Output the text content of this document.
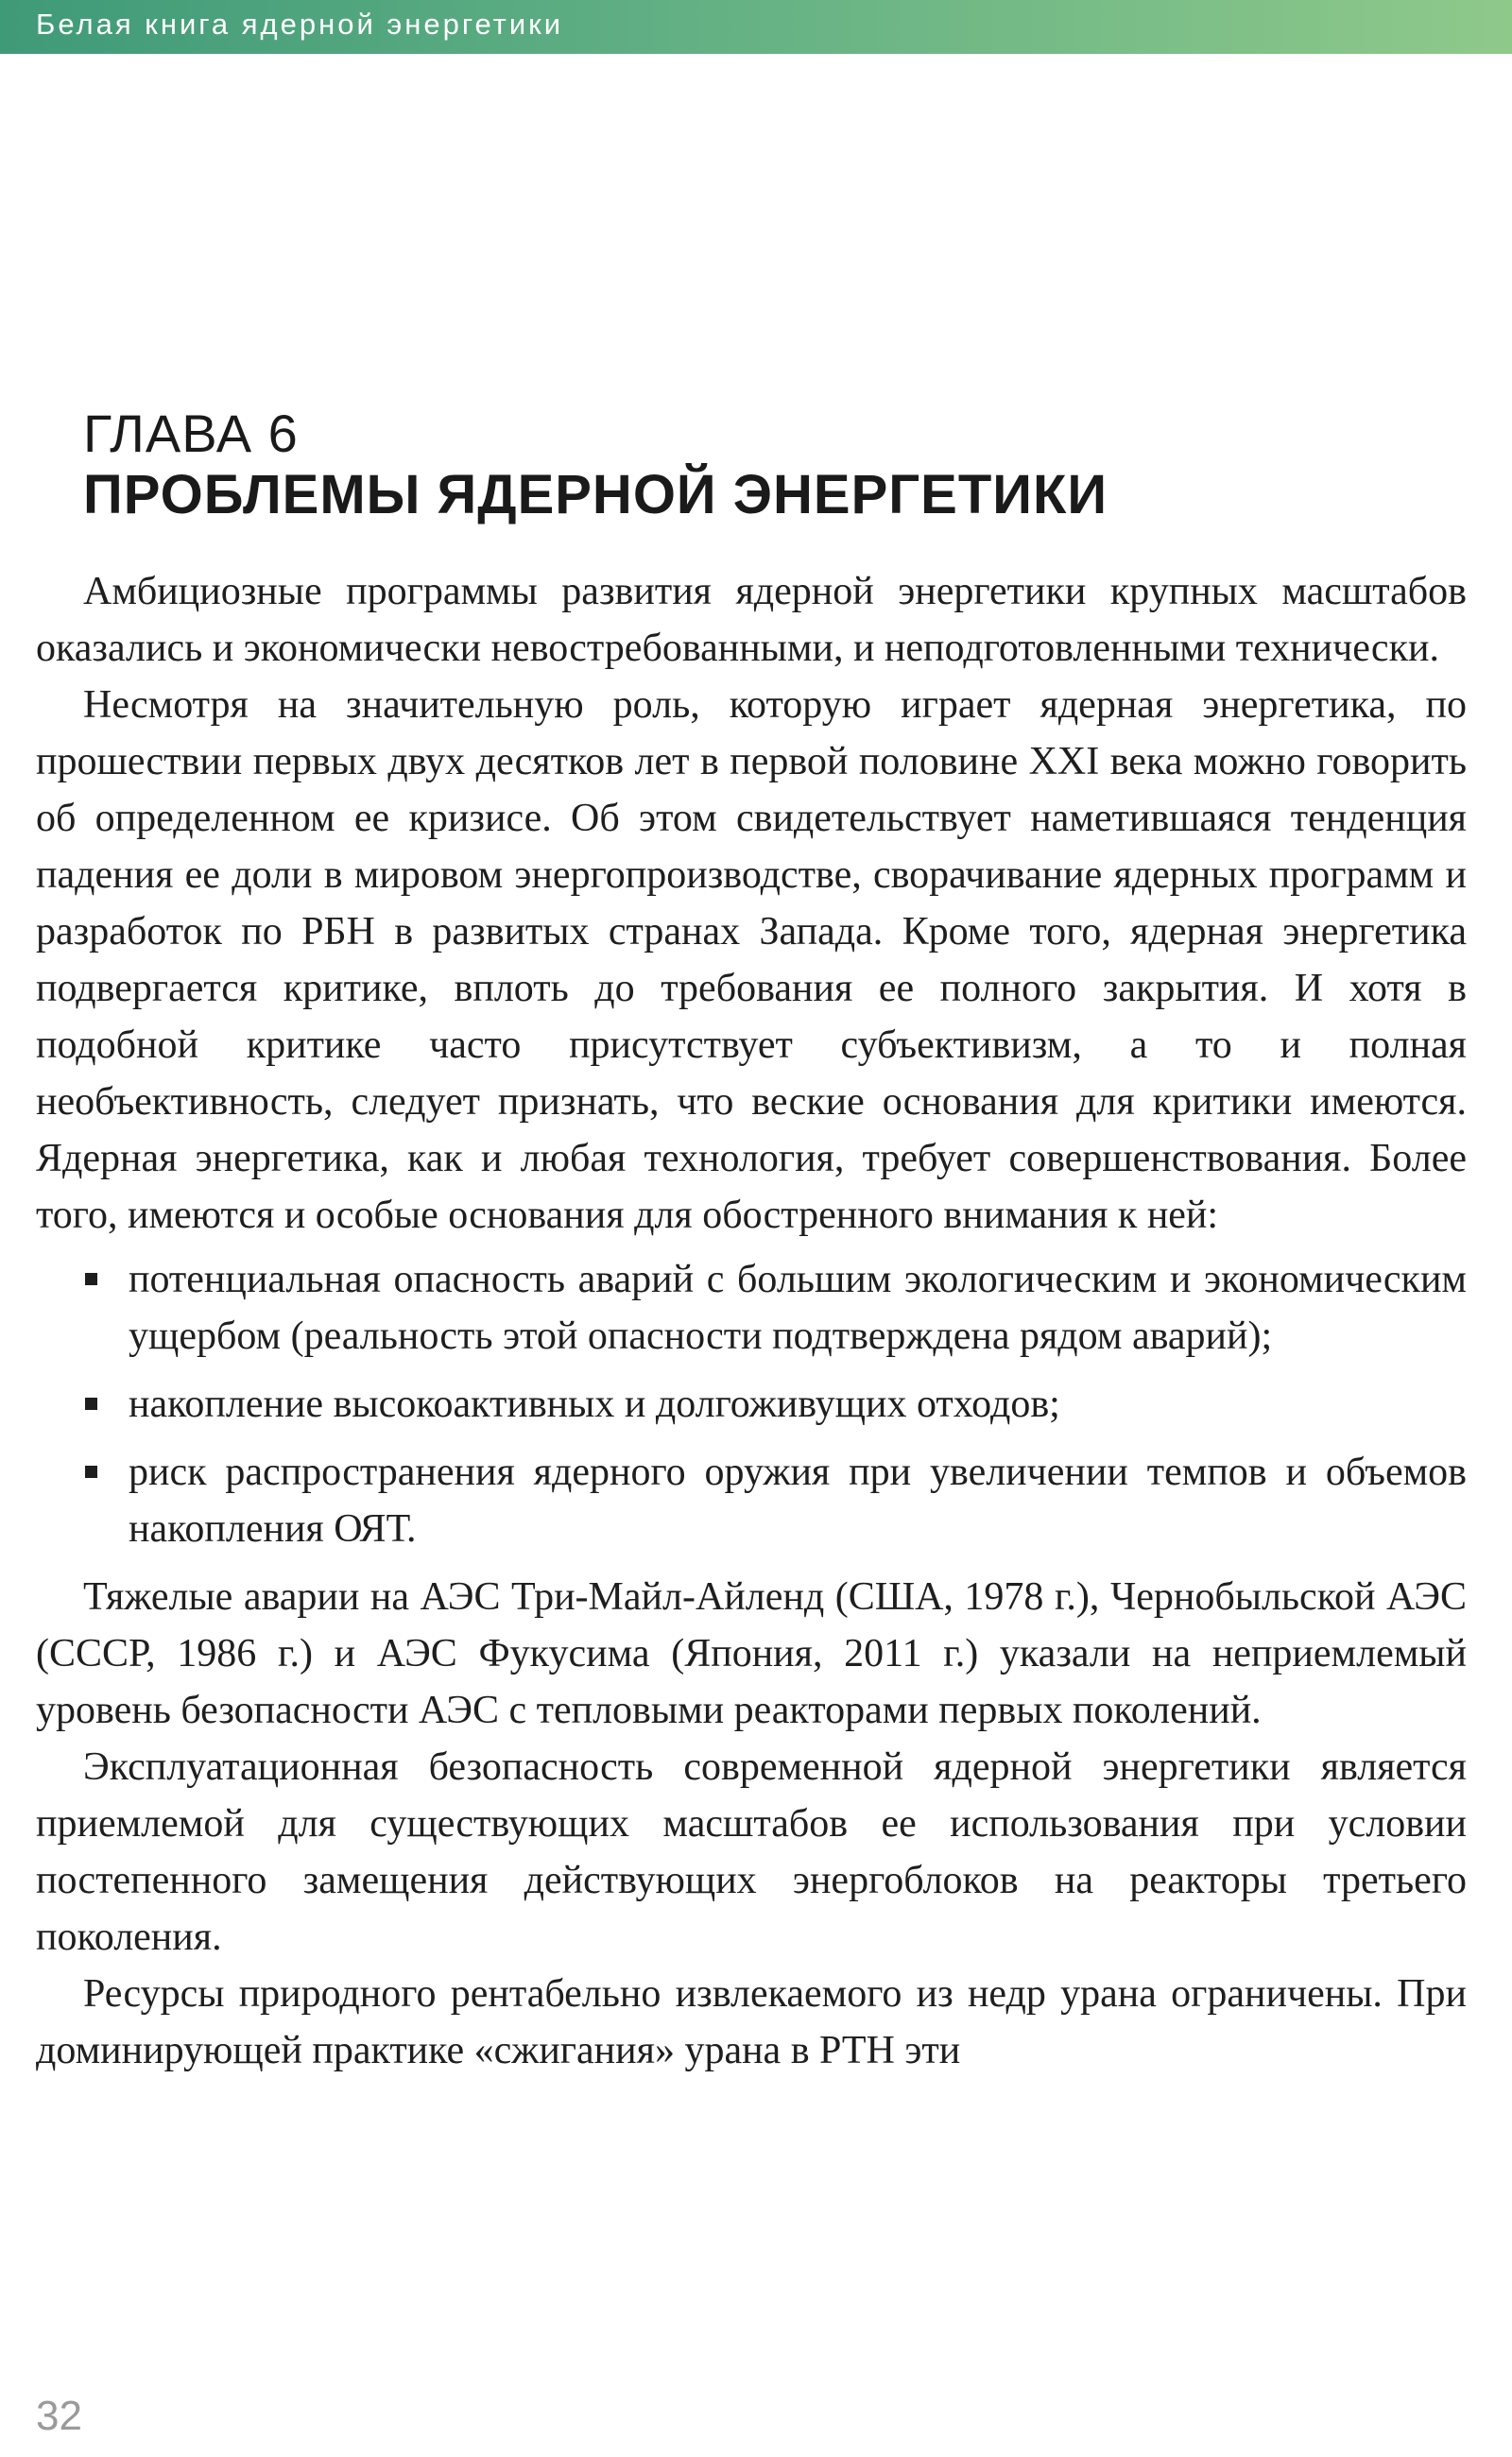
Белая книга ядерной энергетики
ГЛАВА 6
ПРОБЛЕМЫ ЯДЕРНОЙ ЭНЕРГЕТИКИ

Амбициозные программы развития ядерной энергетики крупных масштабов оказались и экономически невостребованными, и неподготовленными технически.

Несмотря на значительную роль, которую играет ядерная энергетика, по прошествии первых двух десятков лет в первой половине XXI века можно говорить об определенном ее кризисе. Об этом свидетельствует наметившаяся тенденция падения ее доли в мировом энергопроизводстве, сворачивание ядерных программ и разработок по РБН в развитых странах Запада. Кроме того, ядерная энергетика подвергается критике, вплоть до требования ее полного закрытия. И хотя в подобной критике часто присутствует субъективизм, а то и полная необъективность, следует признать, что веские основания для критики имеются. Ядерная энергетика, как и любая технология, требует совершенствования. Более того, имеются и особые основания для обостренного внимания к ней:

потенциальная опасность аварий с большим экологическим и экономическим ущербом (реальность этой опасности подтверждена рядом аварий);
накопление высокоактивных и долгоживущих отходов;
риск распространения ядерного оружия при увеличении темпов и объемов накопления ОЯТ.

Тяжелые аварии на АЭС Три-Майл-Айленд (США, 1978 г.), Чернобыльской АЭС (СССР, 1986 г.) и АЭС Фукусима (Япония, 2011 г.) указали на неприемлемый уровень безопасности АЭС с тепловыми реакторами первых поколений.

Эксплуатационная безопасность современной ядерной энергетики является приемлемой для существующих масштабов ее использования при условии постепенного замещения действующих энергоблоков на реакторы третьего поколения.

Ресурсы природного рентабельно извлекаемого из недр урана ограничены. При доминирующей практике «сжигания» урана в РТН эти

32
